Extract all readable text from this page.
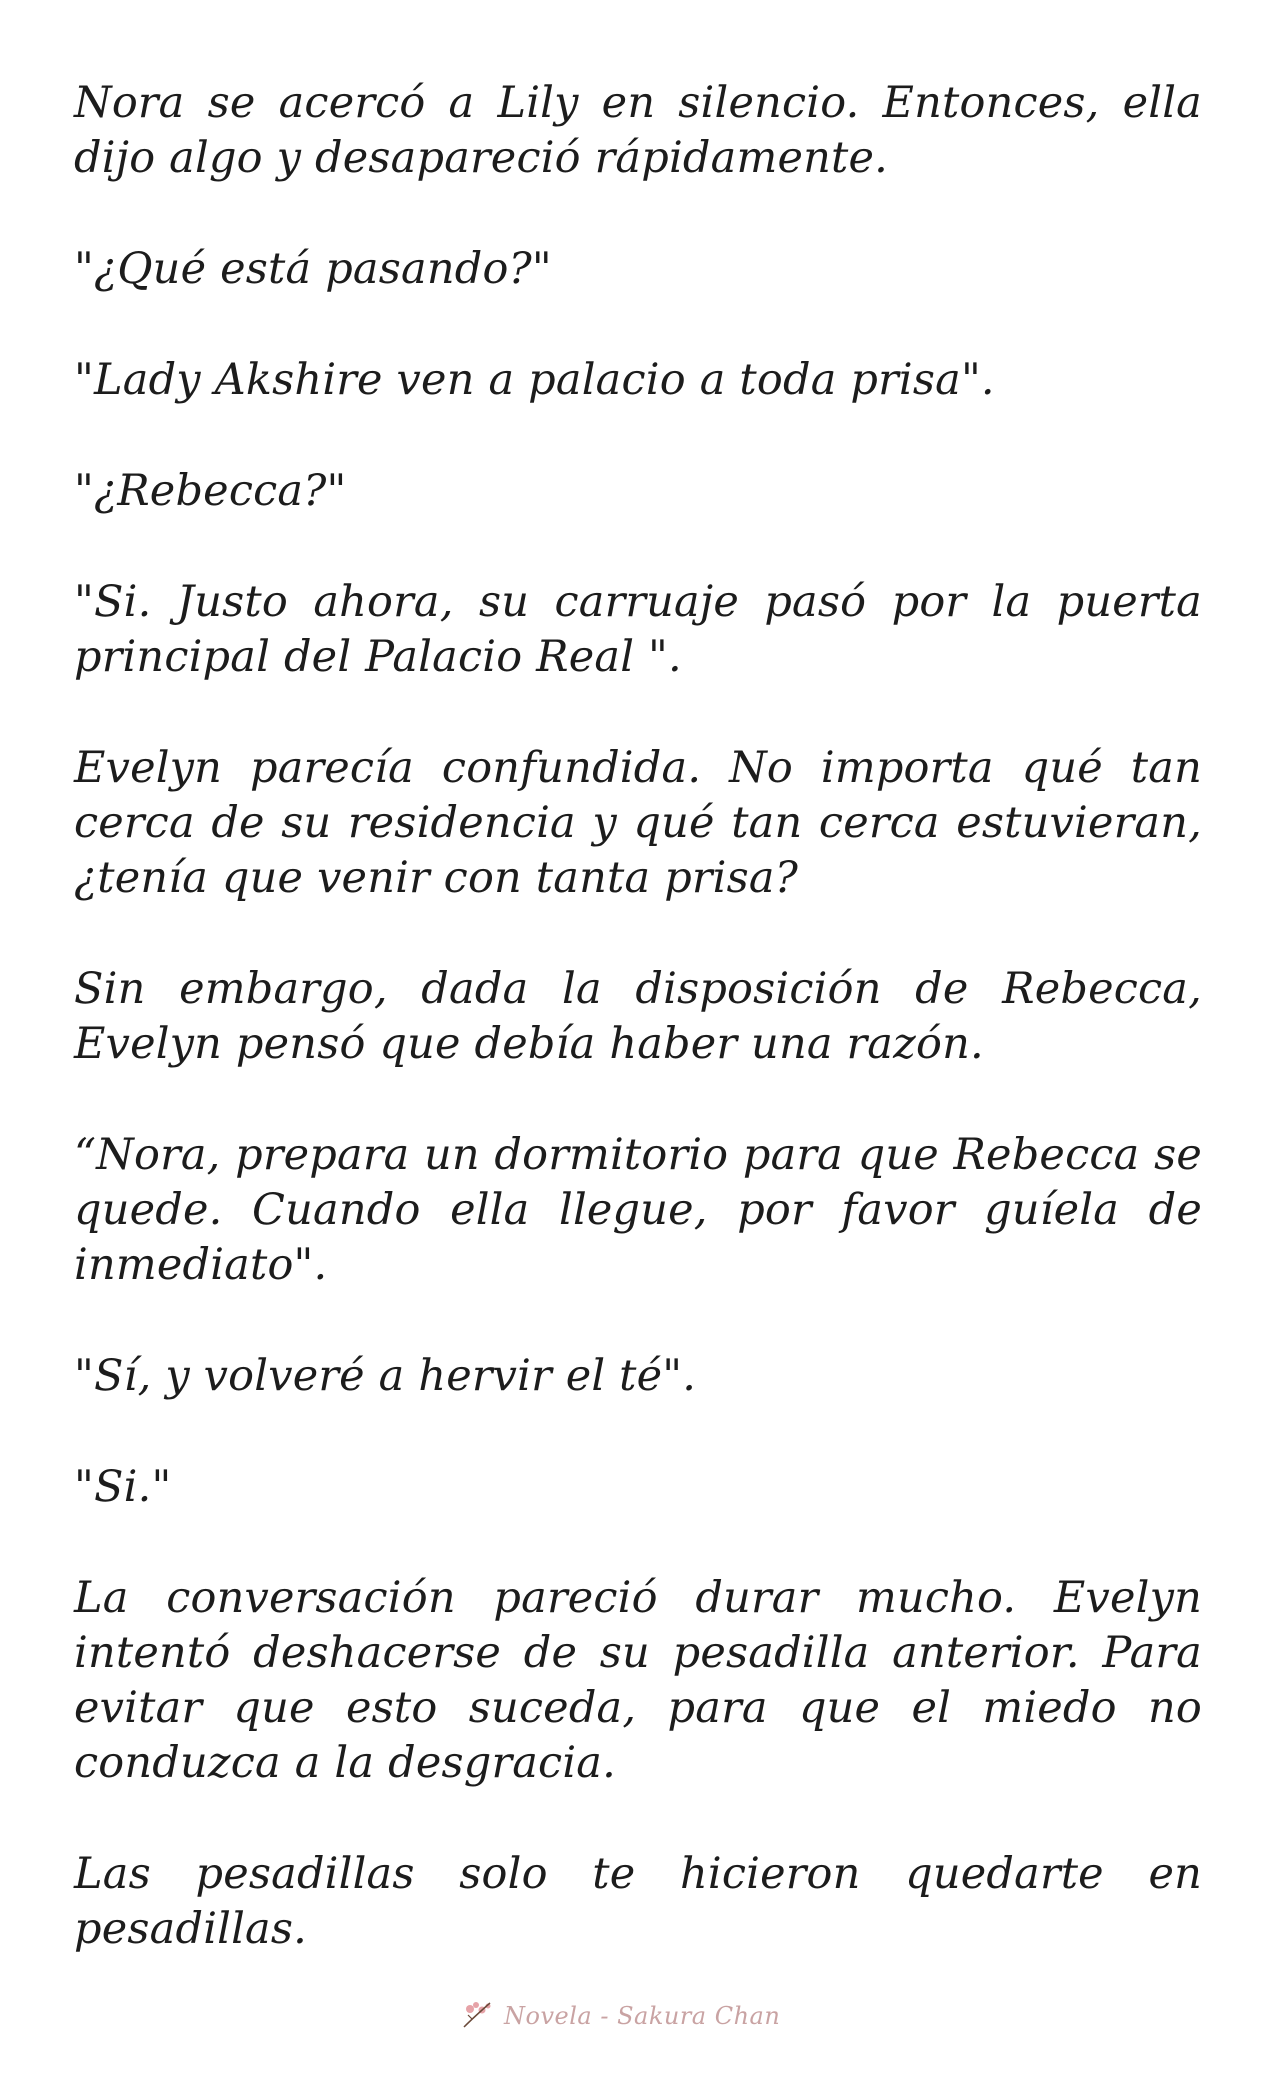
Nora se acercó a Lily en silencio. Entonces, ella dijo algo y desapareció rápidamente.

"¿Qué está pasando?"

"Lady Akshire ven a palacio a toda prisa".

"¿Rebecca?"

"Si. Justo ahora, su carruaje pasó por la puerta principal del Palacio Real ".

Evelyn parecía confundida. No importa qué tan cerca de su residencia y qué tan cerca estuvieran, ¿tenía que venir con tanta prisa?

Sin embargo, dada la disposición de Rebecca, Evelyn pensó que debía haber una razón.

“Nora, prepara un dormitorio para que Rebecca se quede. Cuando ella llegue, por favor guíela de inmediato".

"Sí, y volveré a hervir el té".

"Si."

La conversación pareció durar mucho. Evelyn intentó deshacerse de su pesadilla anterior. Para evitar que esto suceda, para que el miedo no conduzca a la desgracia.

Las pesadillas solo te hicieron quedarte en pesadillas.

Novela - Sakura Chan
